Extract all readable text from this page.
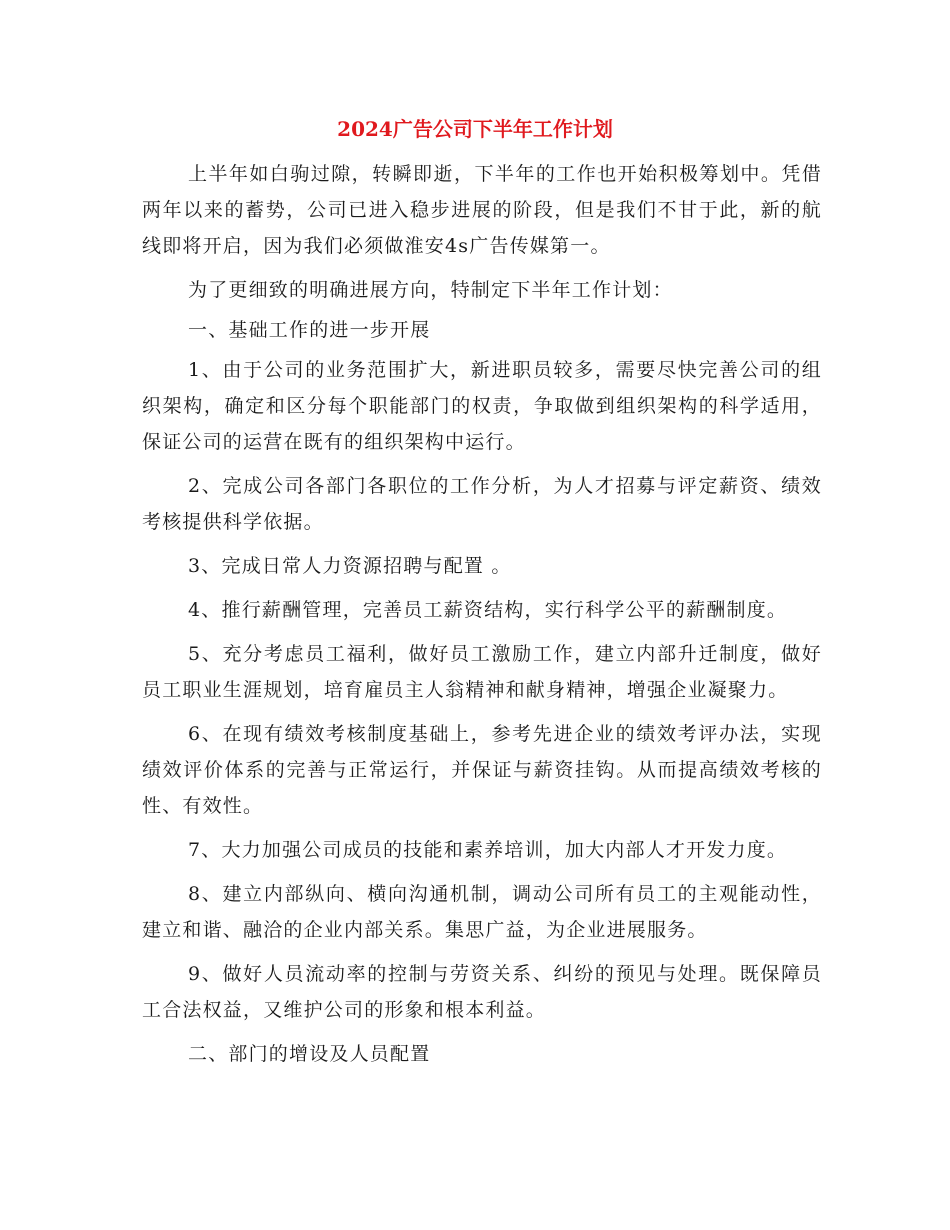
2024广告公司下半年工作计划

上半年如白驹过隙，转瞬即逝，下半年的工作也开始积极筹划中。凭借两年以来的蓄势，公司已进入稳步进展的阶段，但是我们不甘于此，新的航线即将开启，因为我们必须做淮安4s广告传媒第一。

为了更细致的明确进展方向，特制定下半年工作计划：

一、基础工作的进一步开展

1、由于公司的业务范围扩大，新进职员较多，需要尽快完善公司的组织架构，确定和区分每个职能部门的权责，争取做到组织架构的科学适用，保证公司的运营在既有的组织架构中运行。

2、完成公司各部门各职位的工作分析，为人才招募与评定薪资、绩效考核提供科学依据。

3、完成日常人力资源招聘与配置 。

4、推行薪酬管理，完善员工薪资结构，实行科学公平的薪酬制度。

5、充分考虑员工福利，做好员工激励工作，建立内部升迁制度，做好员工职业生涯规划，培育雇员主人翁精神和献身精神，增强企业凝聚力。

6、在现有绩效考核制度基础上，参考先进企业的绩效考评办法，实现绩效评价体系的完善与正常运行，并保证与薪资挂钩。从而提高绩效考核的性、有效性。

7、大力加强公司成员的技能和素养培训，加大内部人才开发力度。

8、建立内部纵向、横向沟通机制，调动公司所有员工的主观能动性，建立和谐、融洽的企业内部关系。集思广益，为企业进展服务。

9、做好人员流动率的控制与劳资关系、纠纷的预见与处理。既保障员工合法权益，又维护公司的形象和根本利益。

二、部门的增设及人员配置
